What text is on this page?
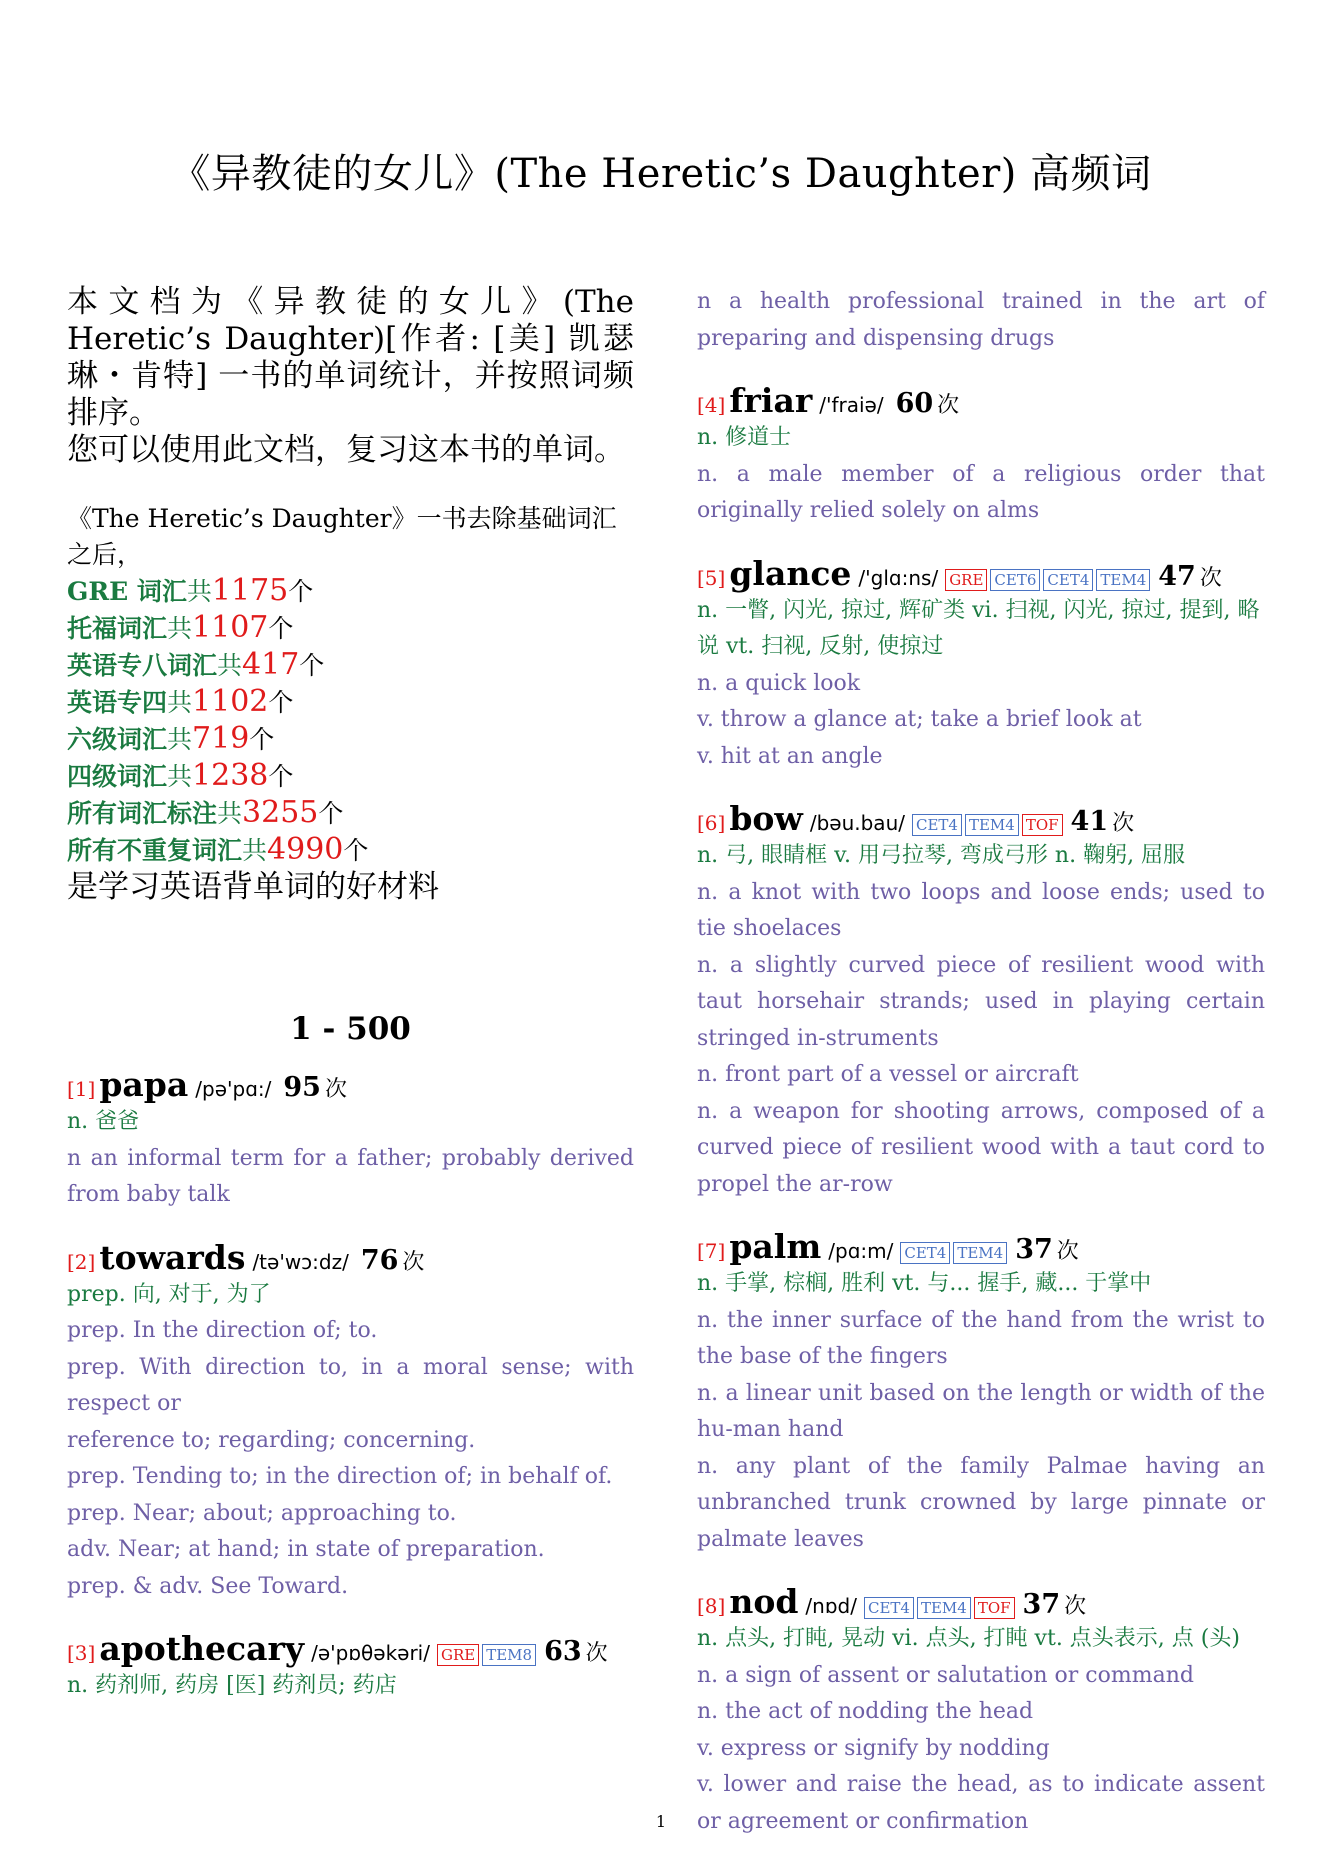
《异教徒的女儿》(The Heretic’s Daughter) 高频词

本文档为《异教徒的女儿》(The Heretic’s Daughter)[作者: [美] 凯瑟琳・肯特] 一书的单词统计，并按照词频排序。

您可以使用此文档，复习这本书的单词。

《The Heretic’s Daughter》一书去除基础词汇之后，

GRE 词汇共1175个

托福词汇共1107个

英语专八词汇共417个

英语专四共1102个

六级词汇共719个

四级词汇共1238个

所有词汇标注共3255个

所有不重复词汇共4990个

是学习英语背单词的好材料

1 - 500
[1] papa /pə'pɑ:/ 95 次

n. 爸爸

n an informal term for a father; probably derived from baby talk

[2] towards /tə'wɔ:dz/ 76 次

prep. 向, 对于, 为了

prep. In the direction of; to.

prep. With direction to, in a moral sense; with respect or

reference to; regarding; concerning.

prep. Tending to; in the direction of; in behalf of.

prep. Near; about; approaching to.

adv. Near; at hand; in state of preparation.

prep. & adv. See Toward.

[3] apothecary /ə'pɒθəkəri/ GRE TEM8 63 次

n. 药剂师, 药房 [医] 药剂员; 药店

n a health professional trained in the art of preparing and dispensing drugs

[4] friar /'fraiə/ 60 次

n. 修道士

n. a male member of a religious order that originally relied solely on alms

[5] glance /'glɑ:ns/ GRE CET6 CET4 TEM4 47 次

n. 一瞥, 闪光, 掠过, 辉矿类 vi. 扫视, 闪光, 掠过, 提到, 略说 vt. 扫视, 反射, 使掠过

n. a quick look

v. throw a glance at; take a brief look at

v. hit at an angle

[6] bow /bəu.bau/ CET4 TEM4 TOF 41 次

n. 弓, 眼睛框 v. 用弓拉琴, 弯成弓形 n. 鞠躬, 屈服

n. a knot with two loops and loose ends; used to tie shoelaces

n. a slightly curved piece of resilient wood with taut horsehair strands; used in playing certain stringed in-struments

n. front part of a vessel or aircraft

n. a weapon for shooting arrows, composed of a curved piece of resilient wood with a taut cord to propel the ar-row

[7] palm /pɑ:m/ CET4 TEM4 37 次

n. 手掌, 棕榈, 胜利 vt. 与... 握手, 藏... 于掌中

n. the inner surface of the hand from the wrist to the base of the fingers

n. a linear unit based on the length or width of the hu-man hand

n. any plant of the family Palmae having an unbranched trunk crowned by large pinnate or palmate leaves

[8] nod /nɒd/ CET4 TEM4 TOF 37 次

n. 点头, 打盹, 晃动 vi. 点头, 打盹 vt. 点头表示, 点 (头)

n. a sign of assent or salutation or command

n. the act of nodding the head

v. express or signify by nodding

v. lower and raise the head, as to indicate assent or agreement or confirmation

1
